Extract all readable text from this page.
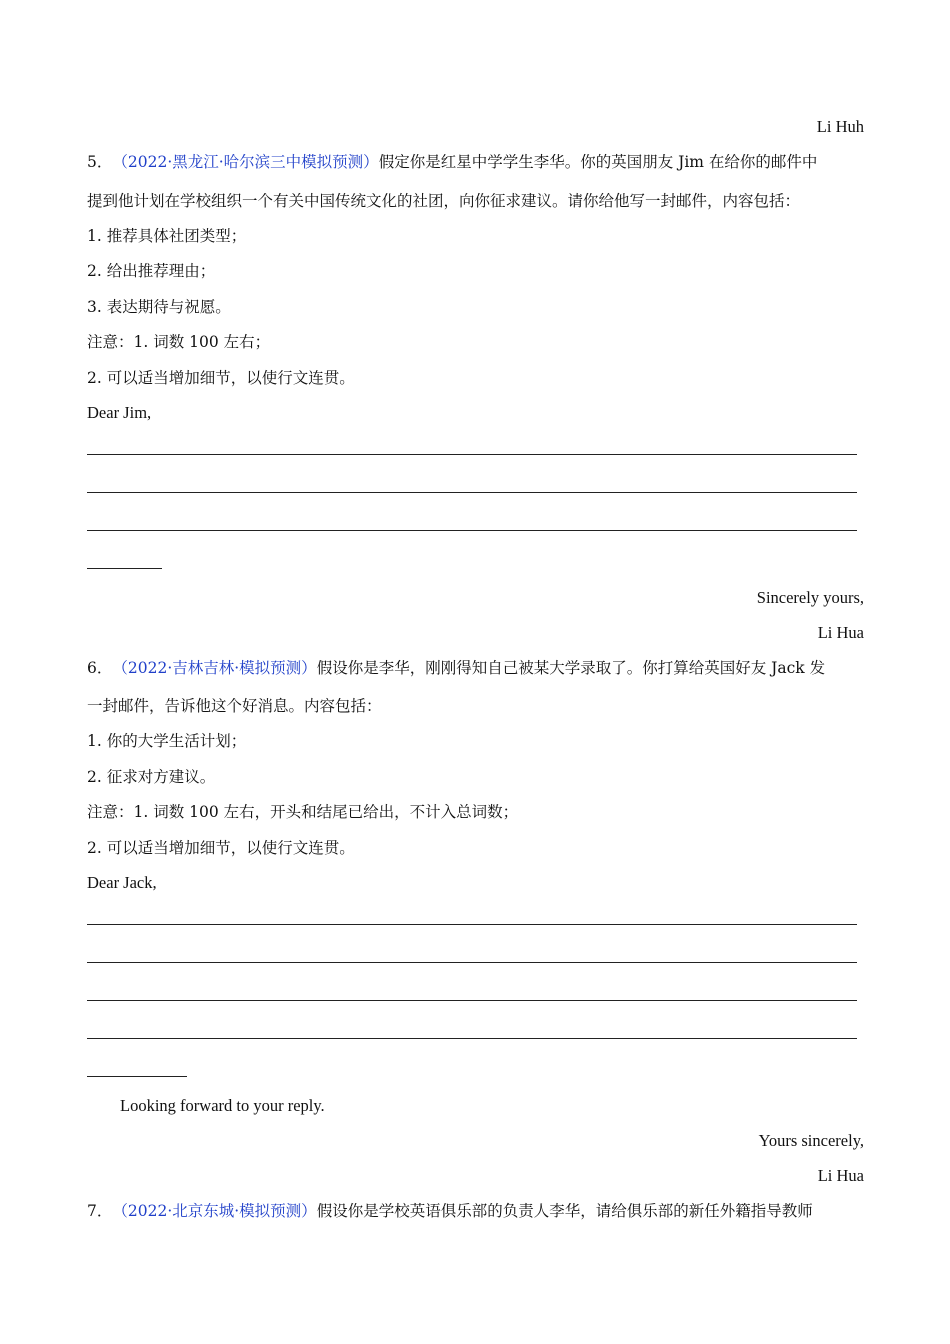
Li Huh
5．（2022·黑龙江·哈尔滨三中模拟预测）假定你是红星中学学生李华。你的英国朋友 Jim 在给你的邮件中
提到他计划在学校组织一个有关中国传统文化的社团，向你征求建议。请你给他写一封邮件，内容包括：
1. 推荐具体社团类型；
2. 给出推荐理由；
3. 表达期待与祝愿。
注意：1. 词数 100 左右；
2. 可以适当增加细节，以使行文连贯。
Dear Jim,
Sincerely yours,
Li Hua
6．（2022·吉林吉林·模拟预测）假设你是李华，刚刚得知自己被某大学录取了。你打算给英国好友 Jack 发
一封邮件，告诉他这个好消息。内容包括：
1. 你的大学生活计划；
2. 征求对方建议。
注意：1. 词数 100 左右，开头和结尾已给出，不计入总词数；
2. 可以适当增加细节，以使行文连贯。
Dear Jack,
Looking forward to your reply.
Yours sincerely,
Li Hua
7．（2022·北京东城·模拟预测）假设你是学校英语俱乐部的负责人李华，请给俱乐部的新任外籍指导教师
